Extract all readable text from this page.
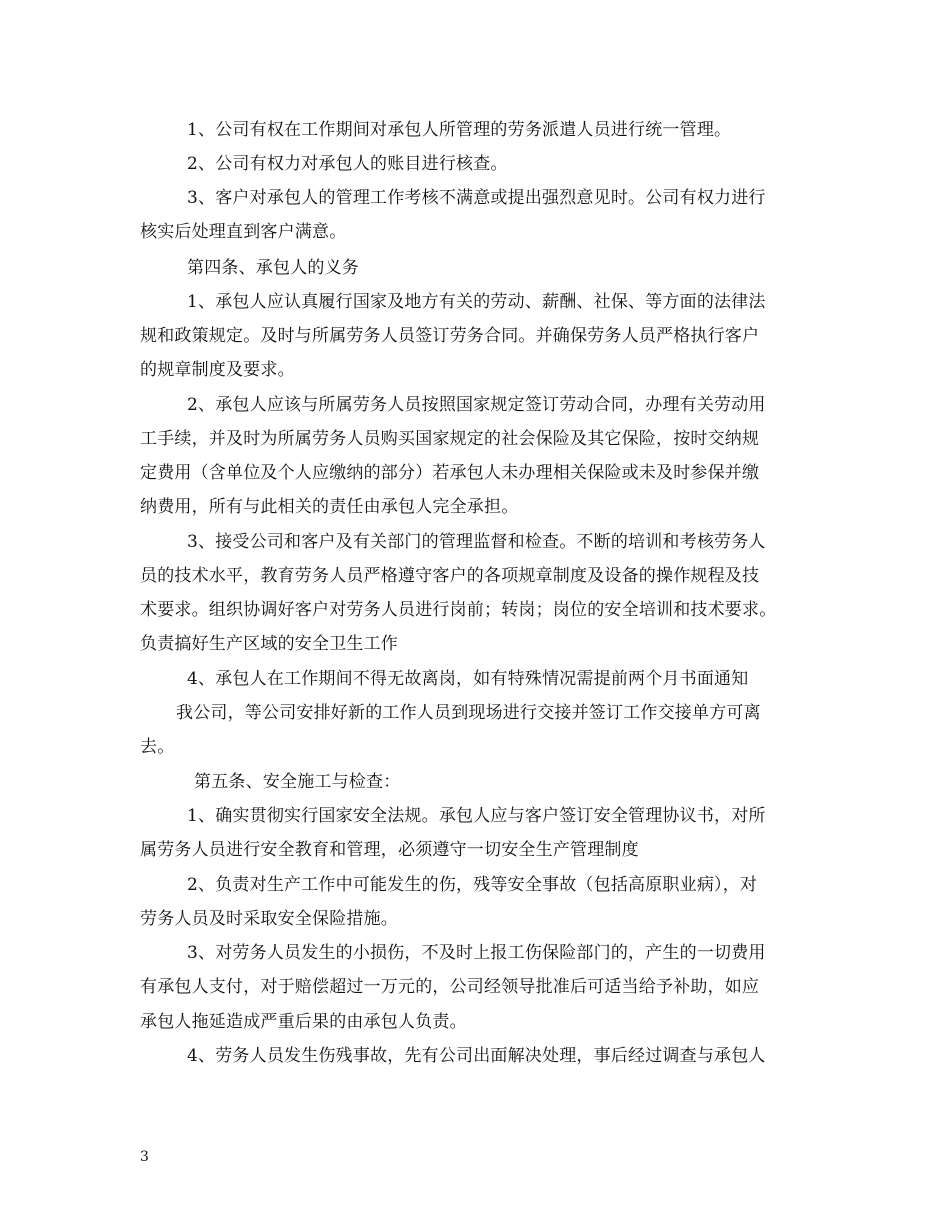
1、公司有权在工作期间对承包人所管理的劳务派遣人员进行统一管理。
2、公司有权力对承包人的账目进行核查。
3、客户对承包人的管理工作考核不满意或提出强烈意见时。公司有权力进行
核实后处理直到客户满意。
第四条、承包人的义务
1、承包人应认真履行国家及地方有关的劳动、薪酬、社保、等方面的法律法
规和政策规定。及时与所属劳务人员签订劳务合同。并确保劳务人员严格执行客户
的规章制度及要求。
2、承包人应该与所属劳务人员按照国家规定签订劳动合同，办理有关劳动用
工手续，并及时为所属劳务人员购买国家规定的社会保险及其它保险，按时交纳规
定费用（含单位及个人应缴纳的部分）若承包人未办理相关保险或未及时参保并缴
纳费用，所有与此相关的责任由承包人完全承担。
3、接受公司和客户及有关部门的管理监督和检查。不断的培训和考核劳务人
员的技术水平，教育劳务人员严格遵守客户的各项规章制度及设备的操作规程及技
术要求。组织协调好客户对劳务人员进行岗前；转岗；岗位的安全培训和技术要求。
负责搞好生产区域的安全卫生工作
4、承包人在工作期间不得无故离岗，如有特殊情况需提前两个月书面通知
我公司，等公司安排好新的工作人员到现场进行交接并签订工作交接单方可离
去。
第五条、安全施工与检查：
1、确实贯彻实行国家安全法规。承包人应与客户签订安全管理协议书，对所
属劳务人员进行安全教育和管理，必须遵守一切安全生产管理制度
2、负责对生产工作中可能发生的伤，残等安全事故（包括高原职业病），对
劳务人员及时采取安全保险措施。
3、对劳务人员发生的小损伤，不及时上报工伤保险部门的，产生的一切费用
有承包人支付，对于赔偿超过一万元的，公司经领导批准后可适当给予补助，如应
承包人拖延造成严重后果的由承包人负责。
4、劳务人员发生伤残事故，先有公司出面解决处理，事后经过调查与承包人
3
